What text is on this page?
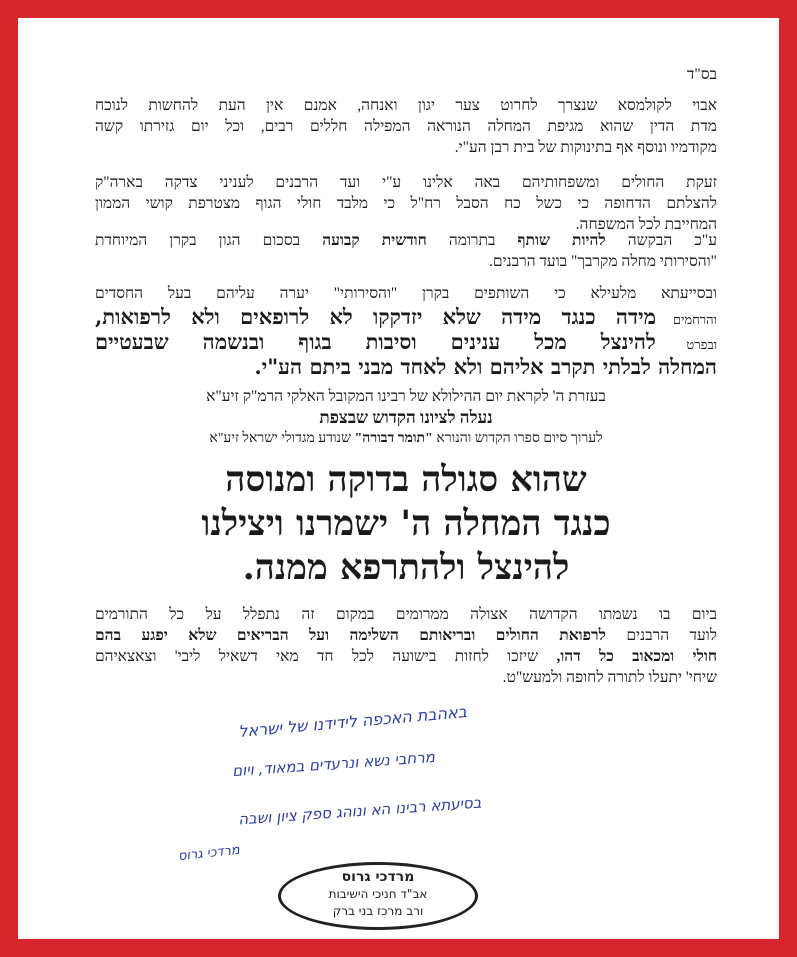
בס"ד
אבוי לקולמסא שנצרך לחרוט צער יגון ואנחה, אמנם אין העת להחשות לנוכח
מדת הדין שהוא מגיפת המחלה הנוראה המפילה חללים רבים, וכל יום גזירתו קשה
מקודמיו ונוסף אף בתינוקות של בית רבן הע"י.
זעקת החולים ומשפחותיהם באה אלינו ע"י ועד הרבנים לעניני צדקה בארה"ק
להצלתם הדחופה כי כשל כח הסבל רח"ל כי מלבד חולי הגוף מצטרפת קושי הממון
המחייבת לכל המשפחה.
ע"כ הבקשה להיות שותף בתרומה חודשית קבועה בסכום הגון בקרן המיוחדת
"והסירותי מחלה מקרבך" בועד הרבנים.
ובסייעתא מלעילא כי השותפים בקרן "והסירותי" יערה עליהם בעל החסדים
והרחמים מידה כנגד מידה שלא יזדקקו לא לרופאים ולא לרפואות,
ובפרט להינצל מכל ענינים וסיבות בגוף ובנשמה שבעטיים
המחלה לבלתי תקרב אליהם ולא לאחד מבני ביתם הע"י.
בעזרת ה' לקראת יום ההילולא של רבינו המקובל האלקי הרמ"ק זיע"א
נעלה לציונו הקדוש שבצפת
לערוך סיום ספרו הקדוש והנורא "תומר דבורה" שנודע מגדולי ישראל זיע"א
שהוא סגולה בדוקה ומנוסה
כנגד המחלה ה' ישמרנו ויצילנו
להינצל ולהתרפא ממנה.
ביום בו נשמתו הקדושה אצולה ממרומים במקום זה נתפלל על כל התורמים
לועד הרבנים לרפואת החולים ובריאותם השלימה ועל הבריאים שלא יפגע בהם
חולי ומכאוב כל דהו, שיזכו לחזות בישועה לכל חד מאי דשאיל ליבי' וצאצאיהם
שיחי' יתעלו לתורה לחופה ולמעש"ט.
באהבת האכפה לידידנו של ישראל
מרחבי נשא ונרעדים במאוד, ויום
בסיעתא רבינו הא ונוהג ספק ציון ושבה
מרדכי גרוס
מרדכי גרוס
אב"ד חניכי הישיבות
ורב מרכז בני ברק
